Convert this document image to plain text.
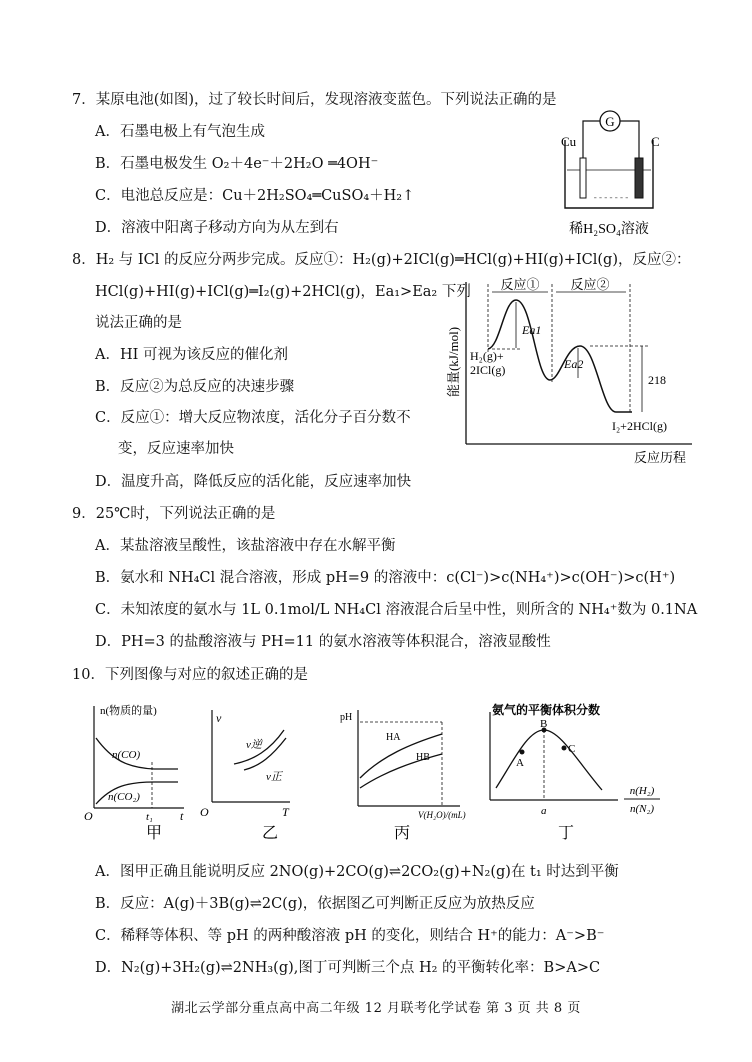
7．某原电池(如图)，过了较长时间后，发现溶液变蓝色。下列说法正确的是
A．石墨电极上有气泡生成
B．石墨电极发生 O₂＋4e⁻＋2H₂O ═4OH⁻
C．电池总反应是：Cu＋2H₂SO₄═CuSO₄＋H₂↑
D．溶液中阳离子移动方向为从左到右
G
Cu	C
- - - - - - -
稀H₂SO₄溶液
8．H₂ 与 ICl 的反应分两步完成。反应①：H₂(g)+2ICl(g)═HCl(g)+HI(g)+ICl(g)，反应②：
HCl(g)+HI(g)+ICl(g)═I₂(g)+2HCl(g)，Ea₁>Ea₂ 下列
说法正确的是
A．HI 可视为该反应的催化剂
B．反应②为总反应的决速步骤
C．反应①：增大反应物浓度，活化分子百分数不
变，反应速率加快
D．温度升高，降低反应的活化能，反应速率加快
能量(kJ/mol)
反应历程
反应① 反应②
Ea1
Ea2
218
H₂(g)+
2ICl(g)
I₂+2HCl(g)
9．25℃时，下列说法正确的是
A．某盐溶液呈酸性，该盐溶液中存在水解平衡
B．氨水和 NH₄Cl 混合溶液，形成 pH=9 的溶液中：c(Cl⁻)>c(NH₄⁺)>c(OH⁻)>c(H⁺)
C．未知浓度的氨水与 1L 0.1mol/L NH₄Cl 溶液混合后呈中性，则所含的 NH₄⁺数为 0.1NA
D．PH=3 的盐酸溶液与 PH=11 的氨水溶液等体积混合，溶液显酸性
10．下列图像与对应的叙述正确的是
n(物质的量)
n(CO)
n(CO₂)
O	t₁ t
甲
v
v逆
v正
O	T
乙
pH
HA
HB
V(H₂O)/(mL)
丙
氨气的平衡体积分数
A
B
C
a
n(H₂)
n(N₂)
丁
A．图甲正确且能说明反应 2NO(g)+2CO(g)⇌2CO₂(g)+N₂(g)在 t₁ 时达到平衡
B．反应：A(g)＋3B(g)⇌2C(g)，依据图乙可判断正反应为放热反应
C．稀释等体积、等 pH 的两种酸溶液 pH 的变化，则结合 H⁺的能力：A⁻>B⁻
D．N₂(g)+3H₂(g)⇌2NH₃(g),图丁可判断三个点 H₂ 的平衡转化率：B>A>C
湖北云学部分重点高中高二年级 12 月联考化学试卷 第 3 页 共 8 页
